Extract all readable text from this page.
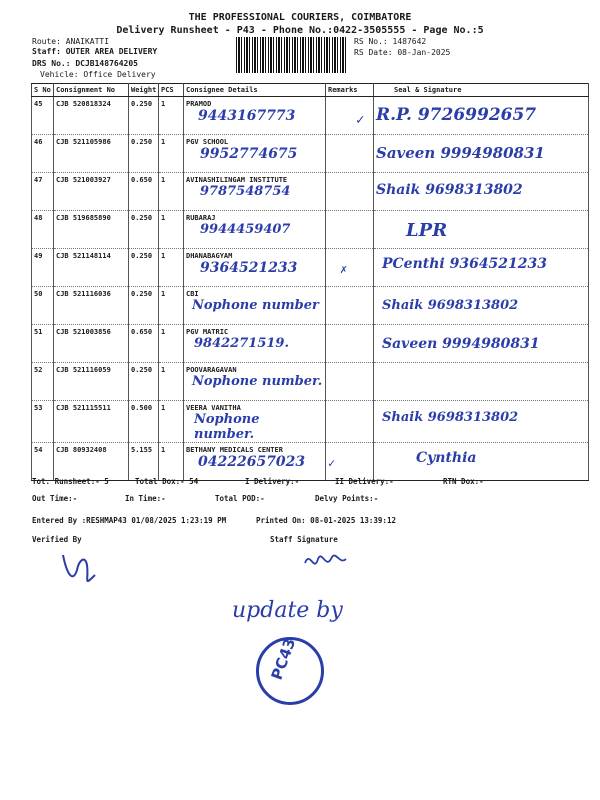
THE PROFESSIONAL COURIERS, COIMBATORE
Delivery Runsheet - P43 - Phone No.:0422-3505555 - Page No.:5
Route: ANAIKATTI
Staff: OUTER AREA DELIVERY
DRS No.: DCJB148764205
Vehicle: Office Delivery
RS No.: 1487642
RS Date: 08-Jan-2025
S No	Consignment No	Weight	PCS	Consignee Details	Remarks	Seal & Signature
45	CJB 520818324	0.250	1	PRAMOD
9443167773	✓	R.P. 9726992657

46	CJB 521105986	0.250	1	PGV SCHOOL
9952774675		Saveen 9994980831

47	CJB 521003927	0.650	1	AVINASHILINGAM INSTITUTE
9787548754		Shaik 9698313802

48	CJB 519685890	0.250	1	RUBARAJ
9944459407		LPR

49	CJB 521148114	0.250	1	DHANABAGYAM
9364521233	✗	PCenthi 9364521233

50	CJB 521116036	0.250	1	CBI
Nophone number		Shaik 9698313802

51	CJB 521003856	0.650	1	PGV MATRIC
9842271519.		Saveen 9994980831

52	CJB 521116059	0.250	1	POOVARAGAVAN
Nophone number.		

53	CJB 521115511	0.500	1	VEERA VANITHA
Nophone number.		Shaik 9698313802

54	CJB 80932408	5.155	1	BETHANY MEDICALS CENTER
04222657023	✓	Cynthia
Tot. Runsheet:- 5	Total Dox:- 54	I Delivery:-	II Delivery:-	RTN Dox:-
Out Time:-	In Time:-	Total POD:-	Delvy Points:-
Entered By :RESHMAP43 01/08/2025 1:23:19 PM	Printed On: 08-01-2025 13:39:12
Verified By	Staff Signature
update by
PC43
